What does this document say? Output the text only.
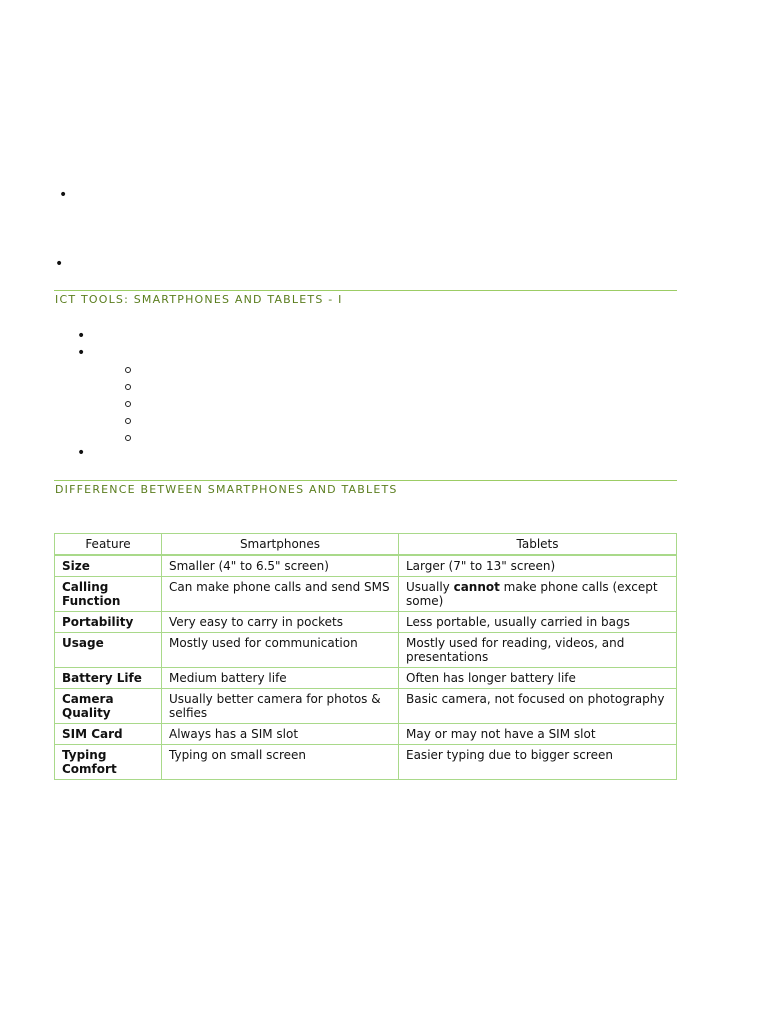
•
•
ICT TOOLS: SMARTPHONES AND TABLETS - I
•
•
•
DIFFERENCE BETWEEN SMARTPHONES AND TABLETS
Feature	Smartphones	Tablets
Size	Smaller (4" to 6.5" screen)	Larger (7" to 13" screen)
Calling Function	Can make phone calls and send SMS	Usually cannot make phone calls (except some)
Portability	Very easy to carry in pockets	Less portable, usually carried in bags
Usage	Mostly used for communication	Mostly used for reading, videos, and presentations
Battery Life	Medium battery life	Often has longer battery life
Camera Quality	Usually better camera for photos & selfies	Basic camera, not focused on photography
SIM Card	Always has a SIM slot	May or may not have a SIM slot
Typing Comfort	Typing on small screen	Easier typing due to bigger screen
